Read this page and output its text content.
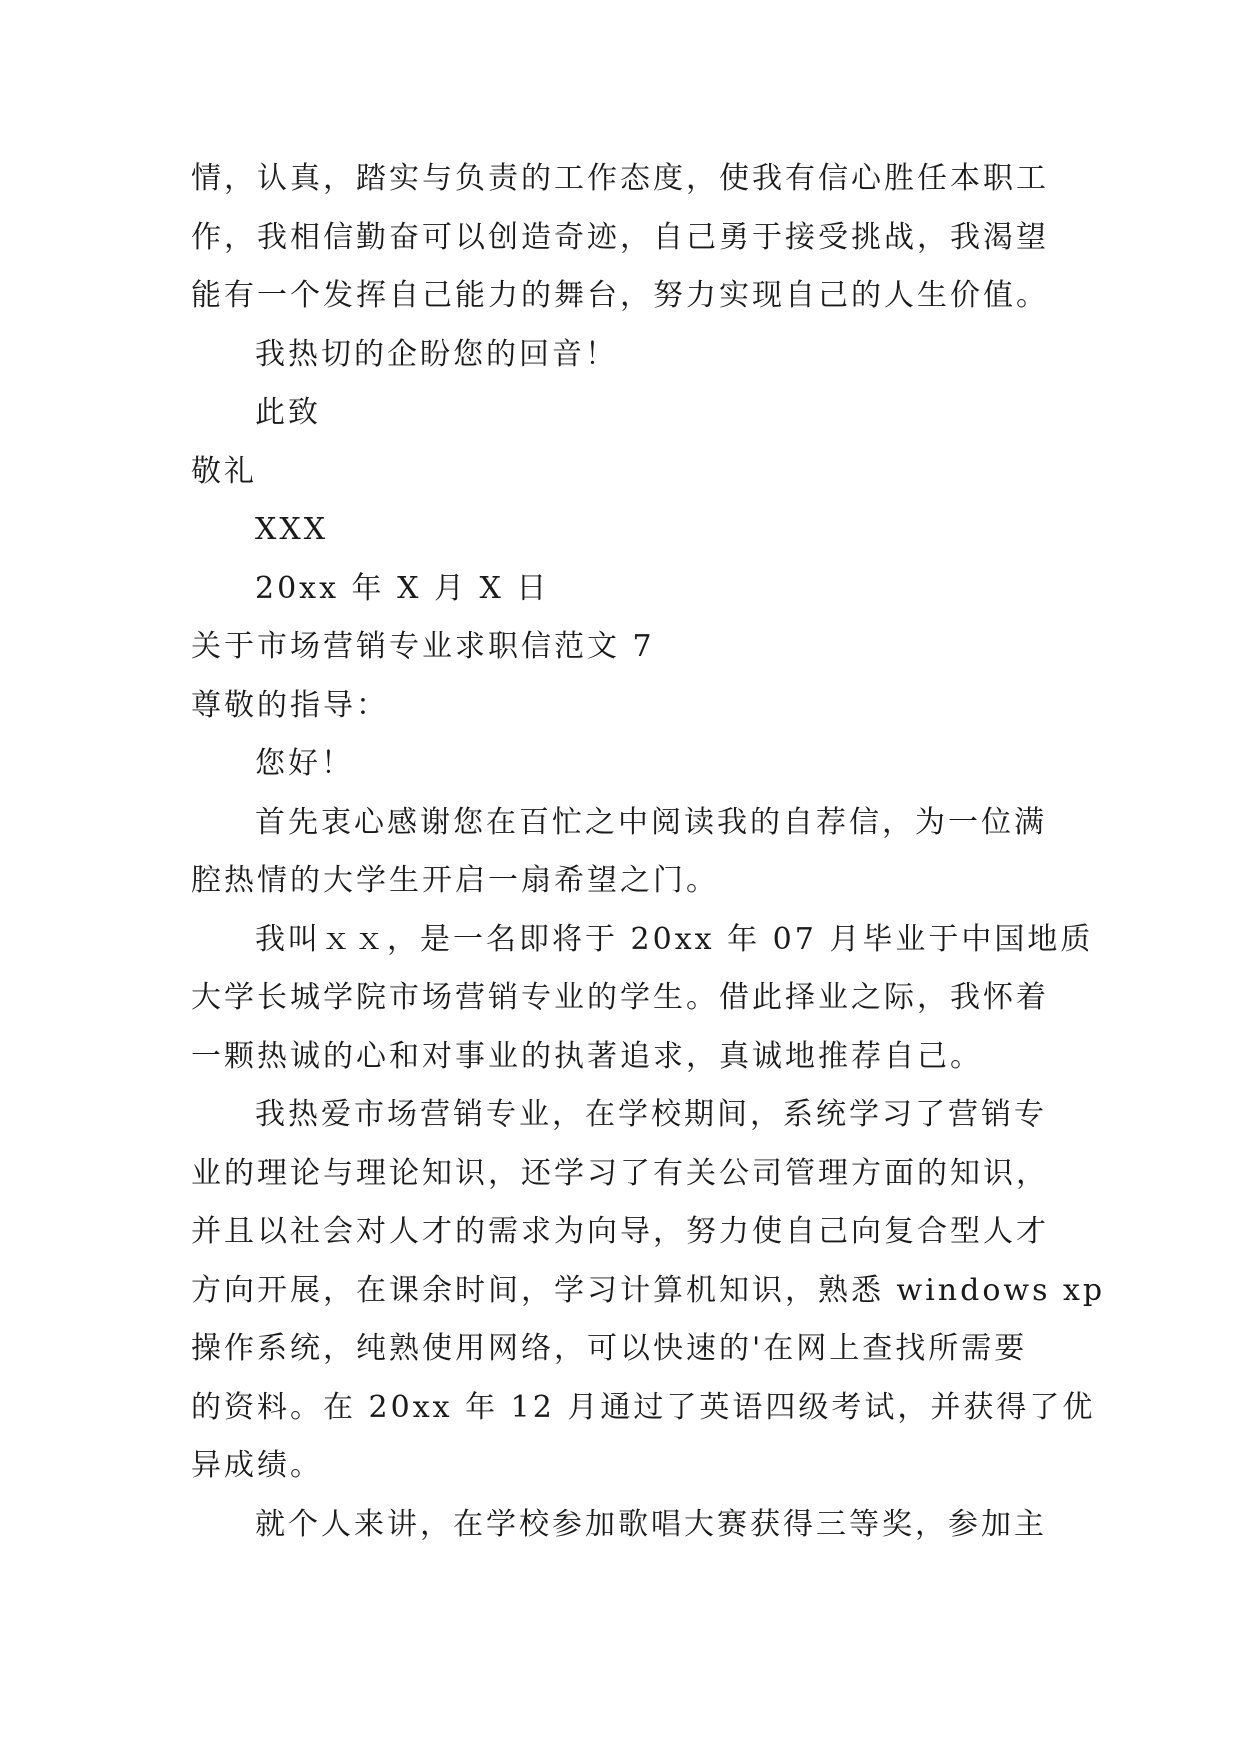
情，认真，踏实与负责的工作态度，使我有信心胜任本职工
作，我相信勤奋可以创造奇迹，自己勇于接受挑战，我渴望
能有一个发挥自己能力的舞台，努力实现自己的人生价值。
我热切的企盼您的回音！
此致
敬礼
XXX
20xx 年 X 月 X 日
关于市场营销专业求职信范文 7
尊敬的指导：
您好！
首先衷心感谢您在百忙之中阅读我的自荐信，为一位满
腔热情的大学生开启一扇希望之门。
我叫ｘｘ，是一名即将于 20xx 年 07 月毕业于中国地质
大学长城学院市场营销专业的学生。借此择业之际，我怀着
一颗热诚的心和对事业的执著追求，真诚地推荐自己。
我热爱市场营销专业，在学校期间，系统学习了营销专
业的理论与理论知识，还学习了有关公司管理方面的知识，
并且以社会对人才的需求为向导，努力使自己向复合型人才
方向开展，在课余时间，学习计算机知识，熟悉 windows xp
操作系统，纯熟使用网络，可以快速的'在网上查找所需要
的资料。在 20xx 年 12 月通过了英语四级考试，并获得了优
异成绩。
就个人来讲，在学校参加歌唱大赛获得三等奖，参加主
